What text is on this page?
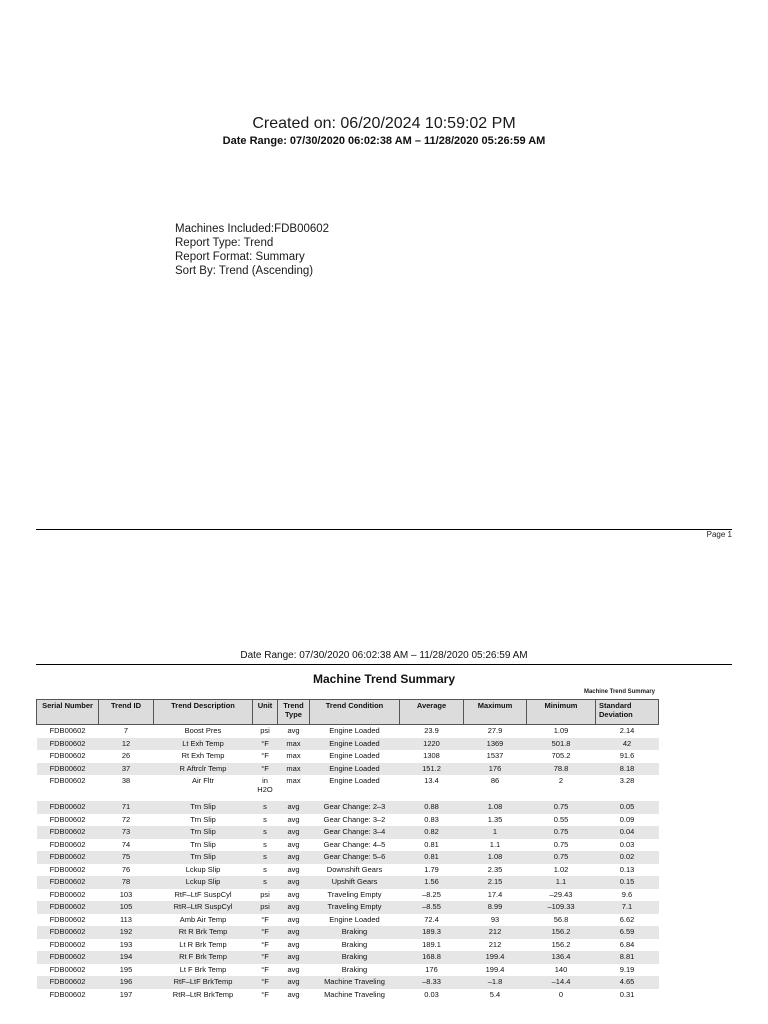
Created on: 06/20/2024 10:59:02 PM
Date Range: 07/30/2020 06:02:38 AM – 11/28/2020 05:26:59 AM
Machines Included:FDB00602
Report Type: Trend
Report Format: Summary
Sort By: Trend (Ascending)
Page 1
Date Range: 07/30/2020 06:02:38 AM – 11/28/2020 05:26:59 AM
Machine Trend Summary
Machine Trend Summary
Serial Number	Trend ID	Trend Description	Unit	Trend Type	Trend Condition	Average	Maximum	Minimum	Standard Deviation
FDB00602	7	Boost Pres	psi	avg	Engine Loaded	23.9	27.9	1.09	2.14
FDB00602	12	Lt Exh Temp	°F	max	Engine Loaded	1220	1369	501.8	42
FDB00602	26	Rt Exh Temp	°F	max	Engine Loaded	1308	1537	705.2	91.6
FDB00602	37	R Aftrclr Temp	°F	max	Engine Loaded	151.2	176	78.8	8.18
FDB00602	38	Air Fltr	in H2O	max	Engine Loaded	13.4	86	2	3.28
FDB00602	71	Trn Slip	s	avg	Gear Change: 2–3	0.88	1.08	0.75	0.05
FDB00602	72	Trn Slip	s	avg	Gear Change: 3–2	0.83	1.35	0.55	0.09
FDB00602	73	Trn Slip	s	avg	Gear Change: 3–4	0.82	1	0.75	0.04
FDB00602	74	Trn Slip	s	avg	Gear Change: 4–5	0.81	1.1	0.75	0.03
FDB00602	75	Trn Slip	s	avg	Gear Change: 5–6	0.81	1.08	0.75	0.02
FDB00602	76	Lckup Slip	s	avg	Downshift Gears	1.79	2.35	1.02	0.13
FDB00602	78	Lckup Slip	s	avg	Upshift Gears	1.56	2.15	1.1	0.15
FDB00602	103	RtF–LtF SuspCyl	psi	avg	Traveling Empty	–8.25	17.4	–29.43	9.6
FDB00602	105	RtR–LtR SuspCyl	psi	avg	Traveling Empty	–8.55	8.99	–109.33	7.1
FDB00602	113	Amb Air Temp	°F	avg	Engine Loaded	72.4	93	56.8	6.62
FDB00602	192	Rt R Brk Temp	°F	avg	Braking	189.3	212	156.2	6.59
FDB00602	193	Lt R Brk Temp	°F	avg	Braking	189.1	212	156.2	6.84
FDB00602	194	Rt F Brk Temp	°F	avg	Braking	168.8	199.4	136.4	8.81
FDB00602	195	Lt F Brk Temp	°F	avg	Braking	176	199.4	140	9.19
FDB00602	196	RtF–LtF BrkTemp	°F	avg	Machine Traveling	–8.33	–1.8	–14.4	4.65
FDB00602	197	RtR–LtR BrkTemp	°F	avg	Machine Traveling	0.03	5.4	0	0.31
